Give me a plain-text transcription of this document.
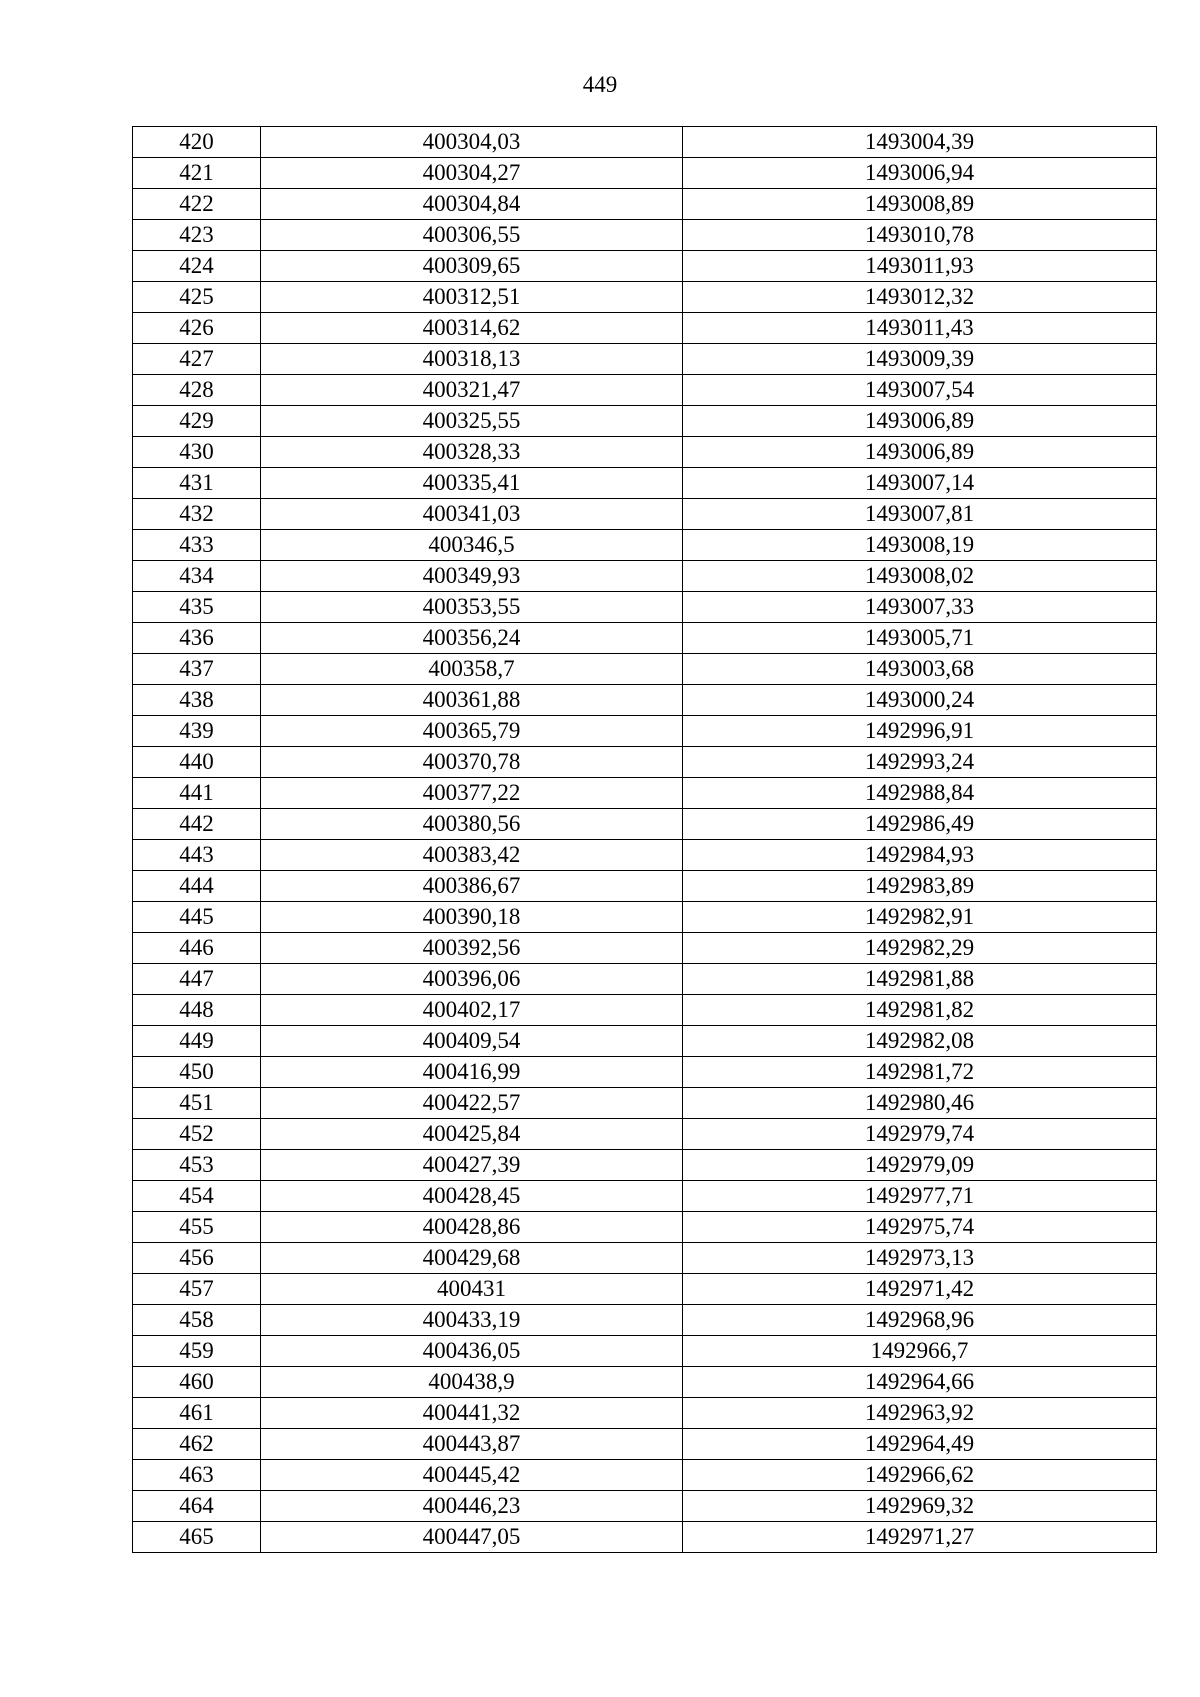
449
420	400304,03	1493004,39
421	400304,27	1493006,94
422	400304,84	1493008,89
423	400306,55	1493010,78
424	400309,65	1493011,93
425	400312,51	1493012,32
426	400314,62	1493011,43
427	400318,13	1493009,39
428	400321,47	1493007,54
429	400325,55	1493006,89
430	400328,33	1493006,89
431	400335,41	1493007,14
432	400341,03	1493007,81
433	400346,5	1493008,19
434	400349,93	1493008,02
435	400353,55	1493007,33
436	400356,24	1493005,71
437	400358,7	1493003,68
438	400361,88	1493000,24
439	400365,79	1492996,91
440	400370,78	1492993,24
441	400377,22	1492988,84
442	400380,56	1492986,49
443	400383,42	1492984,93
444	400386,67	1492983,89
445	400390,18	1492982,91
446	400392,56	1492982,29
447	400396,06	1492981,88
448	400402,17	1492981,82
449	400409,54	1492982,08
450	400416,99	1492981,72
451	400422,57	1492980,46
452	400425,84	1492979,74
453	400427,39	1492979,09
454	400428,45	1492977,71
455	400428,86	1492975,74
456	400429,68	1492973,13
457	400431	1492971,42
458	400433,19	1492968,96
459	400436,05	1492966,7
460	400438,9	1492964,66
461	400441,32	1492963,92
462	400443,87	1492964,49
463	400445,42	1492966,62
464	400446,23	1492969,32
465	400447,05	1492971,27
